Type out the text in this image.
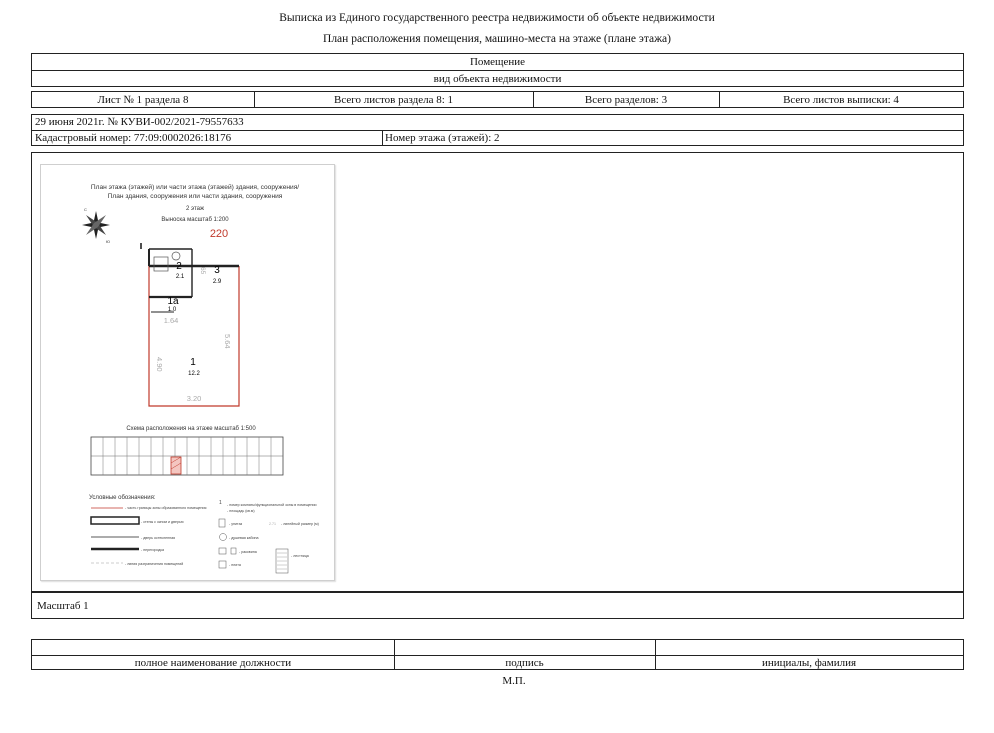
Выписка из Единого государственного реестра недвижимости об объекте недвижимости
План расположения помещения, машино-места на этаже (плане этажа)
Помещение
вид объекта недвижимости
Лист № 1 раздела 8	Всего листов раздела 8: 1	Всего разделов: 3	Всего листов выписки: 4
29 июня 2021г. № КУВИ-002/2021-79557633
Кадастровый номер: 77:09:0002026:18176	Номер этажа (этажей): 2
План этажа (этажей) или части этажа (этажей) здания, сооружения/
План здания, сооружения или части здания, сооружения
2 этаж
Выноска масштаб 1:200
220
С
Ю
2
2.1
3
2.9
1а
1.0
1
12.2
1.64
5.64
4.90
3.20
65
Схема расположения на этаже масштаб 1:500
Условные обозначения:
- часть границы зоны образованного помещения
- стены с окном и дверью
- дверь остекленная
- перегородка
- линия разграничения помещений
1 - номер комнаты/функциональной зоны в помещении
- площадь (кв.м)
- унитаз	2.71 - линейный размер (м)
- душевая кабина
- раковина
- плита
- лестница
Масштаб 1
полное наименование должности	подпись	инициалы, фамилия
М.П.
